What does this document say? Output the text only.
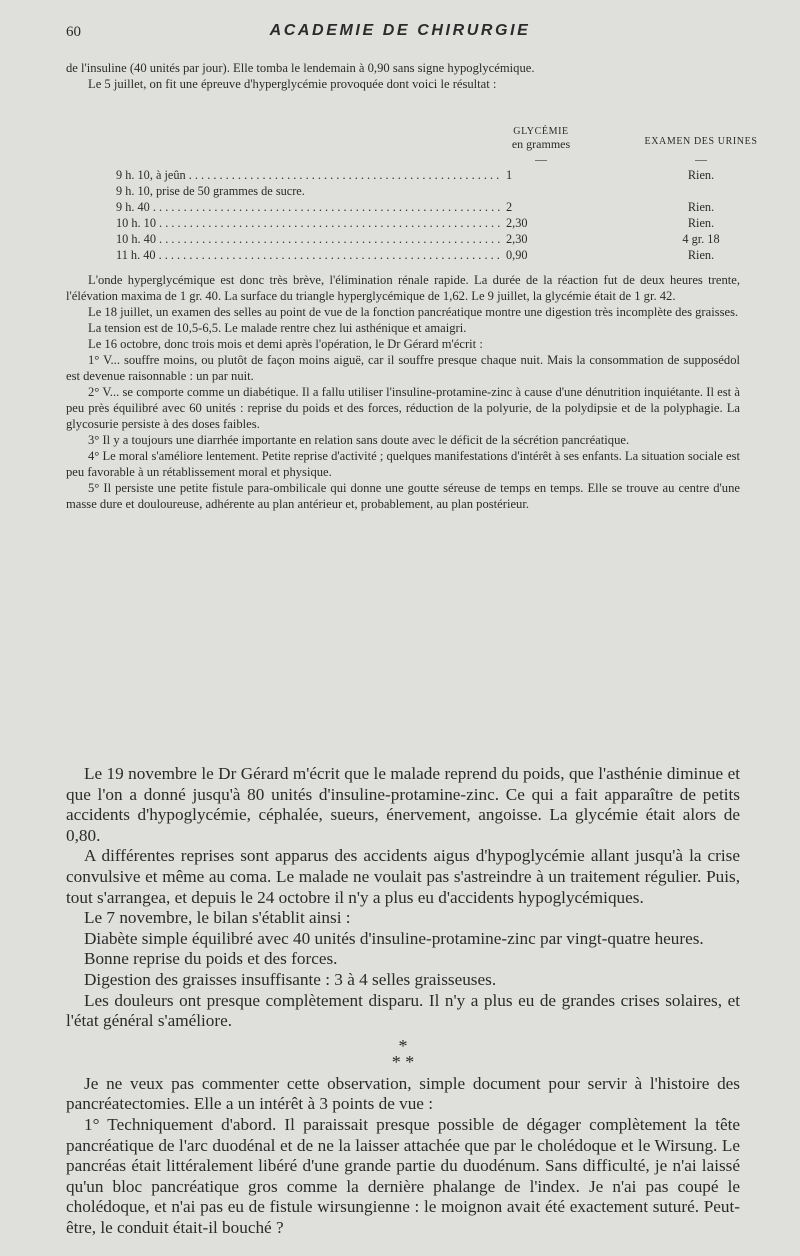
60	ACADEMIE DE CHIRURGIE

de l'insuline (40 unités par jour). Elle tomba le lendemain à 0,90 sans signe hypoglycémique.

Le 5 juillet, on fit une épreuve d'hyperglycémie provoquée dont voici le résultat :

GLYCÉMIE
en grammes	EXAMEN DES URINES
—	—
9 h. 10, à jeûn . . .	1	Rien.
9 h. 10, prise de 50 grammes de sucre.
9 h. 40 . . .	2	Rien.
10 h. 10 . . .	2,30	Rien.
10 h. 40 . . .	2,30	4 gr. 18
11 h. 40 . . .	0,90	Rien.

L'onde hyperglycémique est donc très brève, l'élimination rénale rapide. La durée de la réaction fut de deux heures trente, l'élévation maxima de 1 gr. 40. La surface du triangle hyperglycémique de 1,62. Le 9 juillet, la glycémie était de 1 gr. 42.

Le 18 juillet, un examen des selles au point de vue de la fonction pancréatique montre une digestion très incomplète des graisses.

La tension est de 10,5-6,5. Le malade rentre chez lui asthénique et amaigri.

Le 16 octobre, donc trois mois et demi après l'opération, le Dr Gérard m'écrit :

1° V... souffre moins, ou plutôt de façon moins aiguë, car il souffre presque chaque nuit. Mais la consommation de supposédol est devenue raisonnable : un par nuit.

2° V... se comporte comme un diabétique. Il a fallu utiliser l'insuline-protamine-zinc à cause d'une dénutrition inquiétante. Il est à peu près équilibré avec 60 unités : reprise du poids et des forces, réduction de la polyurie, de la polydipsie et de la polyphagie. La glycosurie persiste à des doses faibles.

3° Il y a toujours une diarrhée importante en relation sans doute avec le déficit de la sécrétion pancréatique.

4° Le moral s'améliore lentement. Petite reprise d'activité ; quelques manifestations d'intérêt à ses enfants. La situation sociale est peu favorable à un rétablissement moral et physique.

5° Il persiste une petite fistule para-ombilicale qui donne une goutte séreuse de temps en temps. Elle se trouve au centre d'une masse dure et douloureuse, adhérente au plan antérieur et, probablement, au plan postérieur.

Le 19 novembre le Dr Gérard m'écrit que le malade reprend du poids, que l'asthénie diminue et que l'on a donné jusqu'à 80 unités d'insuline-protamine-zinc. Ce qui a fait apparaître de petits accidents d'hypoglycémie, céphalée, sueurs, énervement, angoisse. La glycémie était alors de 0,80.

A différentes reprises sont apparus des accidents aigus d'hypoglycémie allant jusqu'à la crise convulsive et même au coma. Le malade ne voulait pas s'astreindre à un traitement régulier. Puis, tout s'arrangea, et depuis le 24 octobre il n'y a plus eu d'accidents hypoglycémiques.

Le 7 novembre, le bilan s'établit ainsi :

Diabète simple équilibré avec 40 unités d'insuline-protamine-zinc par vingt-quatre heures.

Bonne reprise du poids et des forces.

Digestion des graisses insuffisante : 3 à 4 selles graisseuses.

Les douleurs ont presque complètement disparu. Il n'y a plus eu de grandes crises solaires, et l'état général s'améliore.

*
* *

Je ne veux pas commenter cette observation, simple document pour servir à l'histoire des pancréatectomies. Elle a un intérêt à 3 points de vue :

1° Techniquement d'abord. Il paraissait presque possible de dégager complètement la tête pancréatique de l'arc duodénal et de ne la laisser attachée que par le cholédoque et le Wirsung. Le pancréas était littéralement libéré d'une grande partie du duodénum. Sans difficulté, je n'ai laissé qu'un bloc pancréatique gros comme la dernière phalange de l'index. Je n'ai pas coupé le cholédoque, et n'ai pas eu de fistule wirsungienne : le moignon avait été exactement suturé. Peut-être, le conduit était-il bouché ?
